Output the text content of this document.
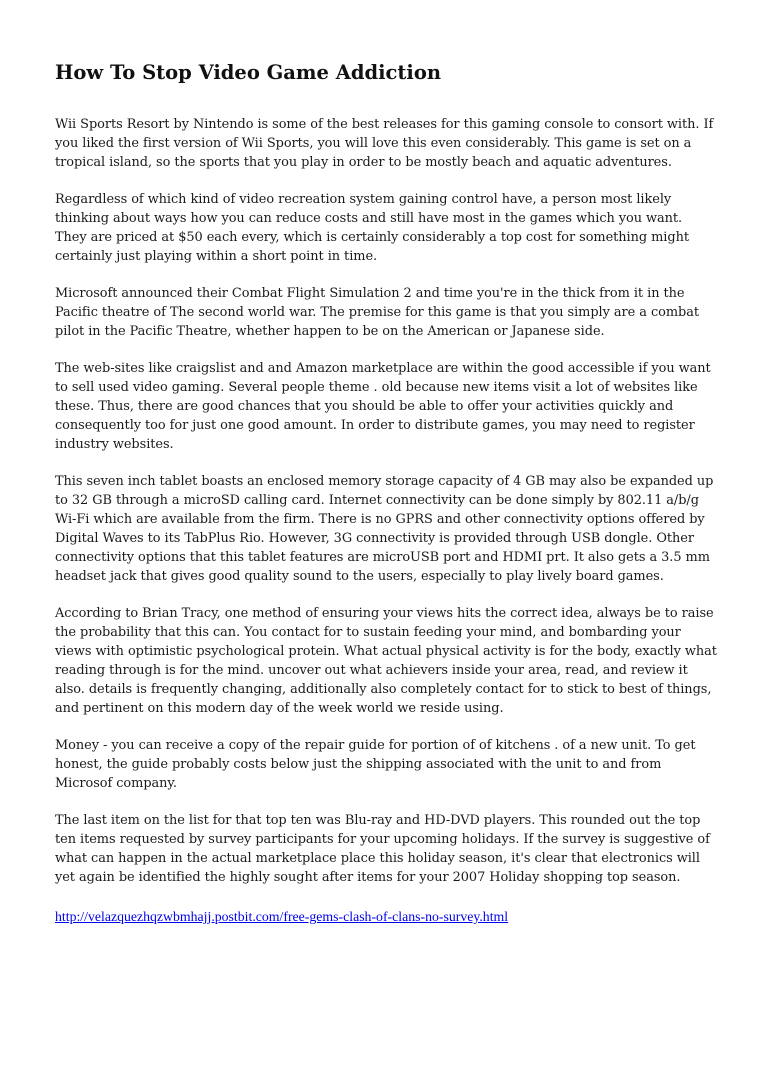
How To Stop Video Game Addiction

Wii Sports Resort by Nintendo is some of the best releases for this gaming console to consort with. If you liked the first version of Wii Sports, you will love this even considerably. This game is set on a tropical island, so the sports that you play in order to be mostly beach and aquatic adventures.

Regardless of which kind of video recreation system gaining control have, a person most likely thinking about ways how you can reduce costs and still have most in the games which you want. They are priced at $50 each every, which is certainly considerably a top cost for something might certainly just playing within a short point in time.

Microsoft announced their Combat Flight Simulation 2 and time you're in the thick from it in the Pacific theatre of The second world war. The premise for this game is that you simply are a combat pilot in the Pacific Theatre, whether happen to be on the American or Japanese side.

The web-sites like craigslist and and Amazon marketplace are within the good accessible if you want to sell used video gaming. Several people theme . old because new items visit a lot of websites like these. Thus, there are good chances that you should be able to offer your activities quickly and consequently too for just one good amount. In order to distribute games, you may need to register industry websites.

This seven inch tablet boasts an enclosed memory storage capacity of 4 GB may also be expanded up to 32 GB through a microSD calling card. Internet connectivity can be done simply by 802.11 a/b/g Wi-Fi which are available from the firm. There is no GPRS and other connectivity options offered by Digital Waves to its TabPlus Rio. However, 3G connectivity is provided through USB dongle. Other connectivity options that this tablet features are microUSB port and HDMI prt. It also gets a 3.5 mm headset jack that gives good quality sound to the users, especially to play lively board games.

According to Brian Tracy, one method of ensuring your views hits the correct idea, always be to raise the probability that this can. You contact for to sustain feeding your mind, and bombarding your views with optimistic psychological protein. What actual physical activity is for the body, exactly what reading through is for the mind. uncover out what achievers inside your area, read, and review it also. details is frequently changing, additionally also completely contact for to stick to best of things, and pertinent on this modern day of the week world we reside using.

Money - you can receive a copy of the repair guide for portion of of kitchens . of a new unit. To get honest, the guide probably costs below just the shipping associated with the unit to and from Microsof company.

The last item on the list for that top ten was Blu-ray and HD-DVD players. This rounded out the top ten items requested by survey participants for your upcoming holidays. If the survey is suggestive of what can happen in the actual marketplace place this holiday season, it's clear that electronics will yet again be identified the highly sought after items for your 2007 Holiday shopping top season.

http://velazquezhqzwbmhajj.postbit.com/free-gems-clash-of-clans-no-survey.html
